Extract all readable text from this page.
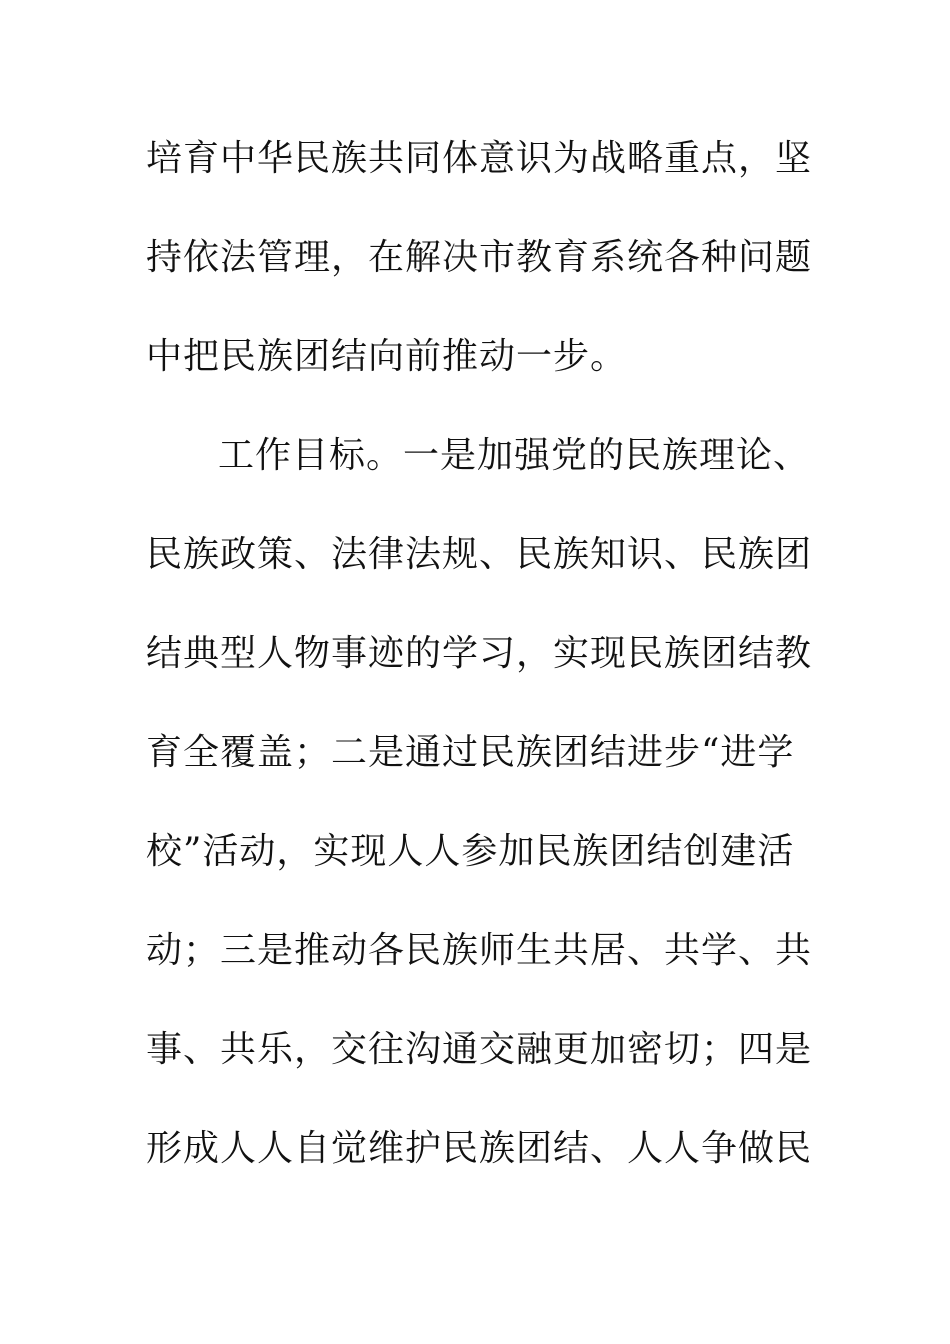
培育中华民族共同体意识为战略重点，坚
持依法管理，在解决市教育系统各种问题
中把民族团结向前推动一步。
工作目标。一是加强党的民族理论、
民族政策、法律法规、民族知识、民族团
结典型人物事迹的学习，实现民族团结教
育全覆盖；二是通过民族团结进步“进学
校”活动，实现人人参加民族团结创建活
动；三是推动各民族师生共居、共学、共
事、共乐，交往沟通交融更加密切；四是
形成人人自觉维护民族团结、人人争做民
